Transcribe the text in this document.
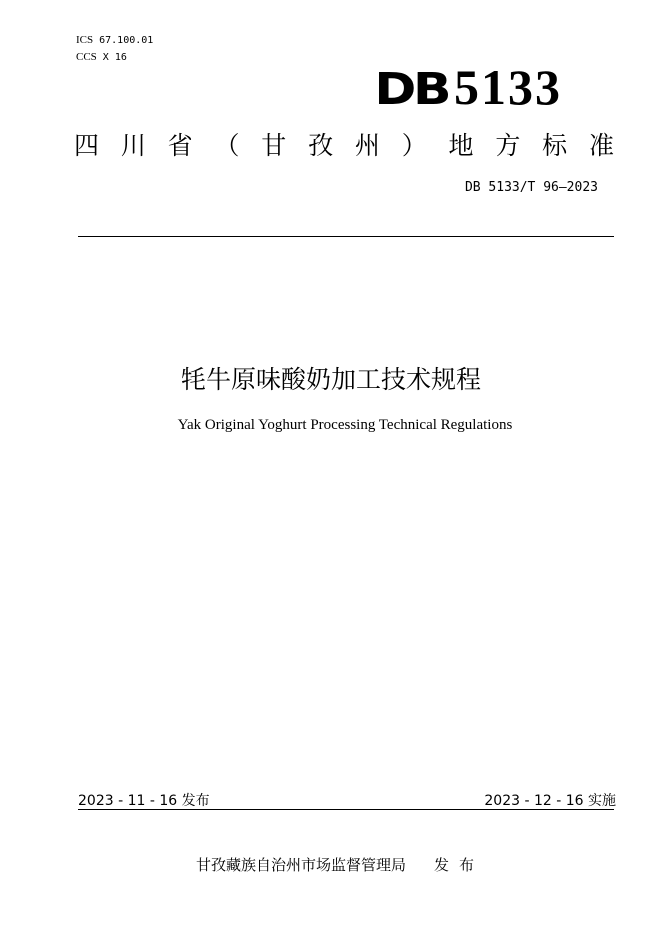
ICS 67.100.01
CCS X 16
DB 5133
四 川 省 （ 甘 孜 州 ） 地 方 标 准
DB 5133/T 96—2023
牦牛原味酸奶加工技术规程
Yak Original Yoghurt Processing Technical Regulations
2023 - 11 - 16 发布	2023 - 12 - 16 实施
甘孜藏族自治州市场监督管理局 发布
